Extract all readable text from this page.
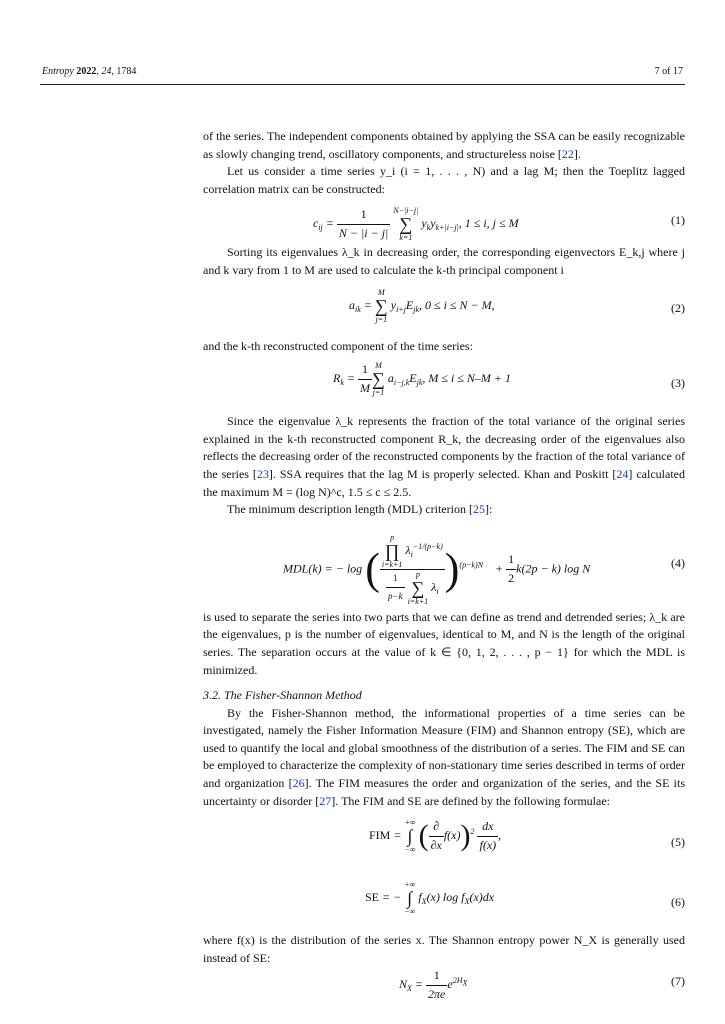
Entropy 2022, 24, 1784	7 of 17

of the series. The independent components obtained by applying the SSA can be easily recognizable as slowly changing trend, oscillatory components, and structureless noise [22].

Let us consider a time series y_i (i = 1, . . . , N) and a lag M; then the Toeplitz lagged correlation matrix can be constructed:

$c_{ij} = \frac{1}{N - |i - j|}$
N−|i−j|
∑
k=1
$y_ky_{k+|i-j|}$, 1 ≤ i, j ≤ M	(1)

Sorting its eigenvalues λ_k in decreasing order, the corresponding eigenvectors E_k,j where j and k vary from 1 to M are used to calculate the k-th principal component i

$a_{ik}$ =
M
∑
j=1
$y_{i+j}E_{jk}$, 0 ≤ i ≤ N − M,	(2)

and the k-th reconstructed component of the time series:

$R_k = \frac{1}{M}$ M
∑
j=1
$a_{i-j,k}E_{jk}$, M ≤ i ≤ N–M + 1	(3)

Since the eigenvalue λ_k represents the fraction of the total variance of the original series explained in the k-th reconstructed component R_k, the decreasing order of the eigenvalues also reflects the decreasing order of the reconstructed components by the fraction of the total variance of the series [23]. SSA requires that the lag M is properly selected. Khan and Poskitt [24] calculated the maximum M = (log N)^c, 1.5 ≤ c ≤ 2.5.

The minimum description length (MDL) criterion [25]:

MDL(k) = − log ( p
∏
i=k+1
$\lambda_i^{-1/(p-k)}$
$\frac{1}{p-k}$
	p
∑
i=k+1
$\lambda_i$ )$^{(p-k)N}$    + $\frac{1}{2} k(2p - k)$ log N	(4)

is used to separate the series into two parts that we can define as trend and detrended series; λ_k are the eigenvalues, p is the number of eigenvalues, identical to M, and N is the length of the original series. The separation occurs at the value of k ∈ {0, 1, 2, . . . , p − 1} for which the MDL is minimized.

3.2. The Fisher-Shannon Method

By the Fisher-Shannon method, the informational properties of a time series can be investigated, namely the Fisher Information Measure (FIM) and Shannon entropy (SE), which are used to quantify the local and global smoothness of the distribution of a series. The FIM and SE can be employed to characterize the complexity of non-stationary time series described in terms of order and organization [26]. The FIM measures the order and organization of the series, and the SE its uncertainty or disorder [27]. The FIM and SE are defined by the following formulae:

FIM =
+∞
∫
−∞ ( $\frac{\partial}{\partial x} f(x))^2 \frac{dx}{f(x)}$ ,
(5)
SE = −
+∞
∫
−∞
$f_X(x)$ $\log f_X(x)dx$	(6)

where f(x) is the distribution of the series x. The Shannon entropy power N_X is generally used instead of SE:

$N_X = \frac{1}{2\pi e} e^{2H_X}$	(7)
